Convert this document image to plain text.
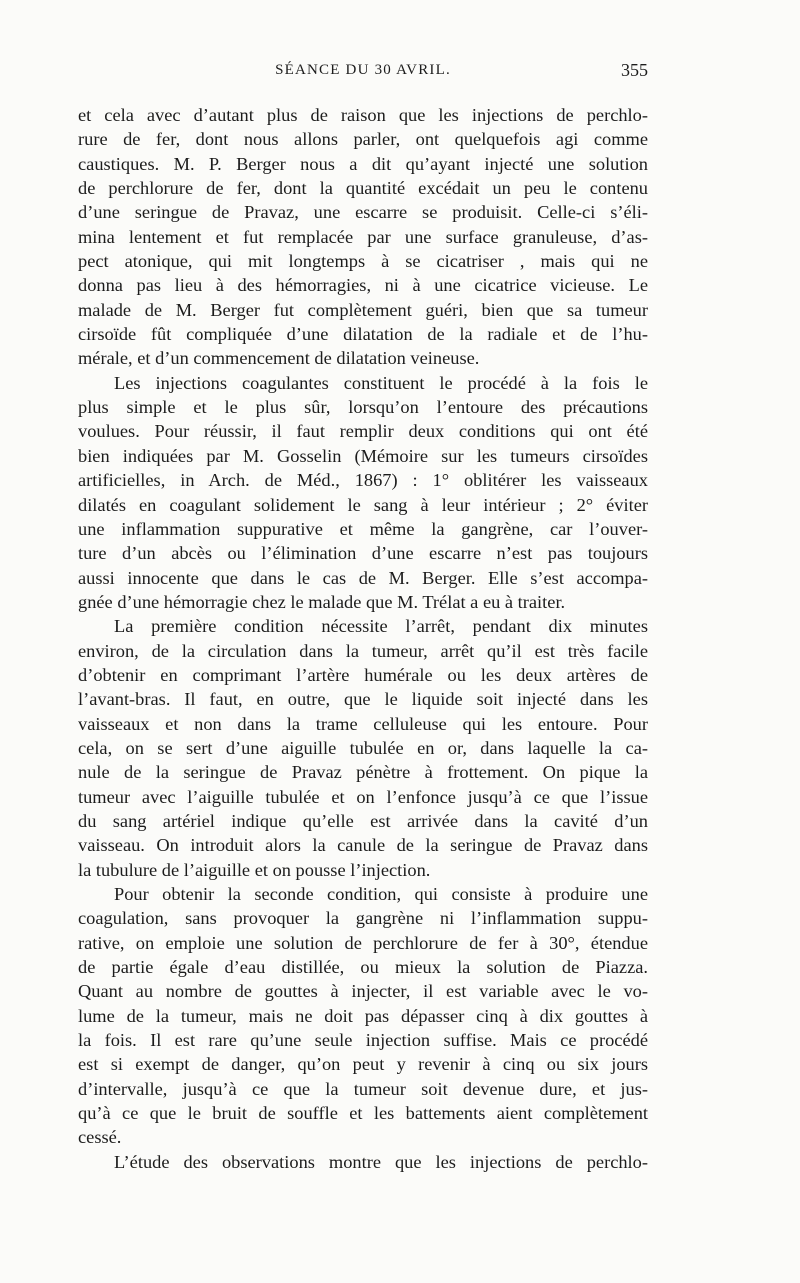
SÉANCE DU 30 AVRIL.	355
et cela avec d’autant plus de raison que les injections de perchlo-
rure de fer, dont nous allons parler, ont quelquefois agi comme
caustiques. M. P. Berger nous a dit qu’ayant injecté une solution
de perchlorure de fer, dont la quantité excédait un peu le contenu
d’une seringue de Pravaz, une escarre se produisit. Celle-ci s’éli-
mina lentement et fut remplacée par une surface granuleuse, d’as-
pect atonique, qui mit longtemps à se cicatriser , mais qui ne
donna pas lieu à des hémorragies, ni à une cicatrice vicieuse. Le
malade de M. Berger fut complètement guéri, bien que sa tumeur
cirsoïde fût compliquée d’une dilatation de la radiale et de l’hu-
mérale, et d’un commencement de dilatation veineuse.
Les injections coagulantes constituent le procédé à la fois le
plus simple et le plus sûr, lorsqu’on l’entoure des précautions
voulues. Pour réussir, il faut remplir deux conditions qui ont été
bien indiquées par M. Gosselin (Mémoire sur les tumeurs cirsoïdes
artificielles, in Arch. de Méd., 1867) : 1° oblitérer les vaisseaux
dilatés en coagulant solidement le sang à leur intérieur ; 2° éviter
une inflammation suppurative et même la gangrène, car l’ouver-
ture d’un abcès ou l’élimination d’une escarre n’est pas toujours
aussi innocente que dans le cas de M. Berger. Elle s’est accompa-
gnée d’une hémorragie chez le malade que M. Trélat a eu à traiter.
La première condition nécessite l’arrêt, pendant dix minutes
environ, de la circulation dans la tumeur, arrêt qu’il est très facile
d’obtenir en comprimant l’artère humérale ou les deux artères de
l’avant-bras. Il faut, en outre, que le liquide soit injecté dans les
vaisseaux et non dans la trame celluleuse qui les entoure. Pour
cela, on se sert d’une aiguille tubulée en or, dans laquelle la ca-
nule de la seringue de Pravaz pénètre à frottement. On pique la
tumeur avec l’aiguille tubulée et on l’enfonce jusqu’à ce que l’issue
du sang artériel indique qu’elle est arrivée dans la cavité d’un
vaisseau. On introduit alors la canule de la seringue de Pravaz dans
la tubulure de l’aiguille et on pousse l’injection.
Pour obtenir la seconde condition, qui consiste à produire une
coagulation, sans provoquer la gangrène ni l’inflammation suppu-
rative, on emploie une solution de perchlorure de fer à 30°, étendue
de partie égale d’eau distillée, ou mieux la solution de Piazza.
Quant au nombre de gouttes à injecter, il est variable avec le vo-
lume de la tumeur, mais ne doit pas dépasser cinq à dix gouttes à
la fois. Il est rare qu’une seule injection suffise. Mais ce procédé
est si exempt de danger, qu’on peut y revenir à cinq ou six jours
d’intervalle, jusqu’à ce que la tumeur soit devenue dure, et jus-
qu’à ce que le bruit de souffle et les battements aient complètement
cessé.
L’étude des observations montre que les injections de perchlo-
